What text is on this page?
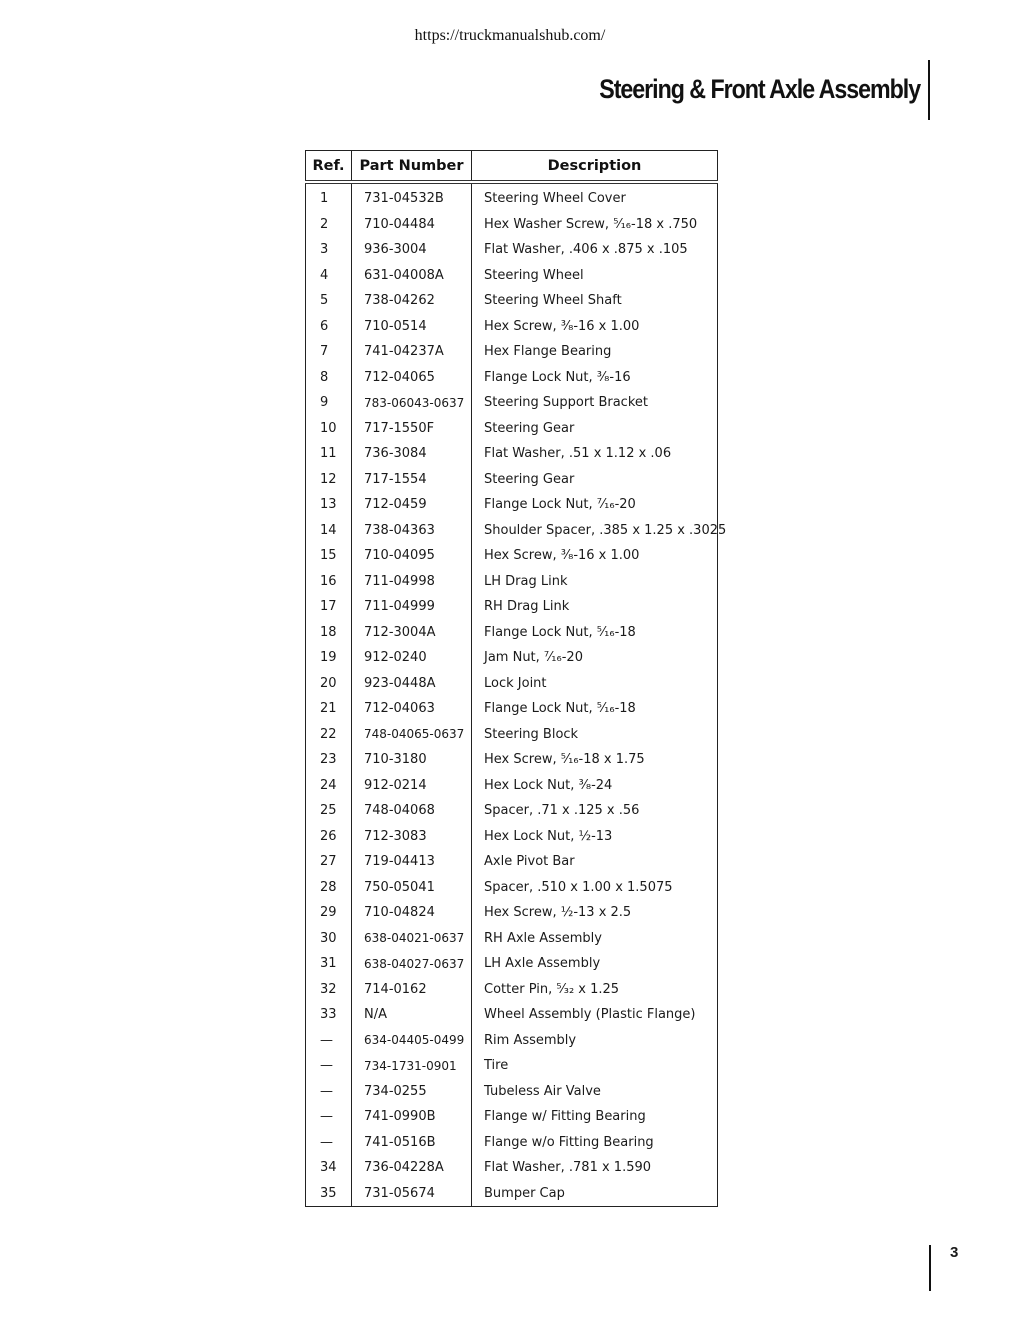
https://truckmanualshub.com/
Steering & Front Axle Assembly
Ref.	Part Number	Description
1	731-04532B	Steering Wheel Cover
2	710-04484	Hex Washer Screw, ⁵⁄₁₆-18 x .750
3	936-3004	Flat Washer, .406 x .875 x .105
4	631-04008A	Steering Wheel
5	738-04262	Steering Wheel Shaft
6	710-0514	Hex Screw, ³⁄₈-16 x 1.00
7	741-04237A	Hex Flange Bearing
8	712-04065	Flange Lock Nut, ³⁄₈-16
9	783-06043-0637	Steering Support Bracket
10	717-1550F	Steering Gear
11	736-3084	Flat Washer, .51 x 1.12 x .06
12	717-1554	Steering Gear
13	712-0459	Flange Lock Nut, ⁷⁄₁₆-20
14	738-04363	Shoulder Spacer, .385 x 1.25 x .3025
15	710-04095	Hex Screw, ³⁄₈-16 x 1.00
16	711-04998	LH Drag Link
17	711-04999	RH Drag Link
18	712-3004A	Flange Lock Nut, ⁵⁄₁₆-18
19	912-0240	Jam Nut, ⁷⁄₁₆-20
20	923-0448A	Lock Joint
21	712-04063	Flange Lock Nut, ⁵⁄₁₆-18
22	748-04065-0637	Steering Block
23	710-3180	Hex Screw, ⁵⁄₁₆-18 x 1.75
24	912-0214	Hex Lock Nut, ³⁄₈-24
25	748-04068	Spacer, .71 x .125 x .56
26	712-3083	Hex Lock Nut, ½-13
27	719-04413	Axle Pivot Bar
28	750-05041	Spacer, .510 x 1.00 x 1.5075
29	710-04824	Hex Screw, ½-13 x 2.5
30	638-04021-0637	RH Axle Assembly
31	638-04027-0637	LH Axle Assembly
32	714-0162	Cotter Pin, ⁵⁄₃₂ x 1.25
33	N/A	Wheel Assembly (Plastic Flange)
—	634-04405-0499	Rim Assembly
—	734-1731-0901	Tire
—	734-0255	Tubeless Air Valve
—	741-0990B	Flange w/ Fitting Bearing
—	741-0516B	Flange w/o Fitting Bearing
34	736-04228A	Flat Washer, .781 x 1.590
35	731-05674	Bumper Cap
3
